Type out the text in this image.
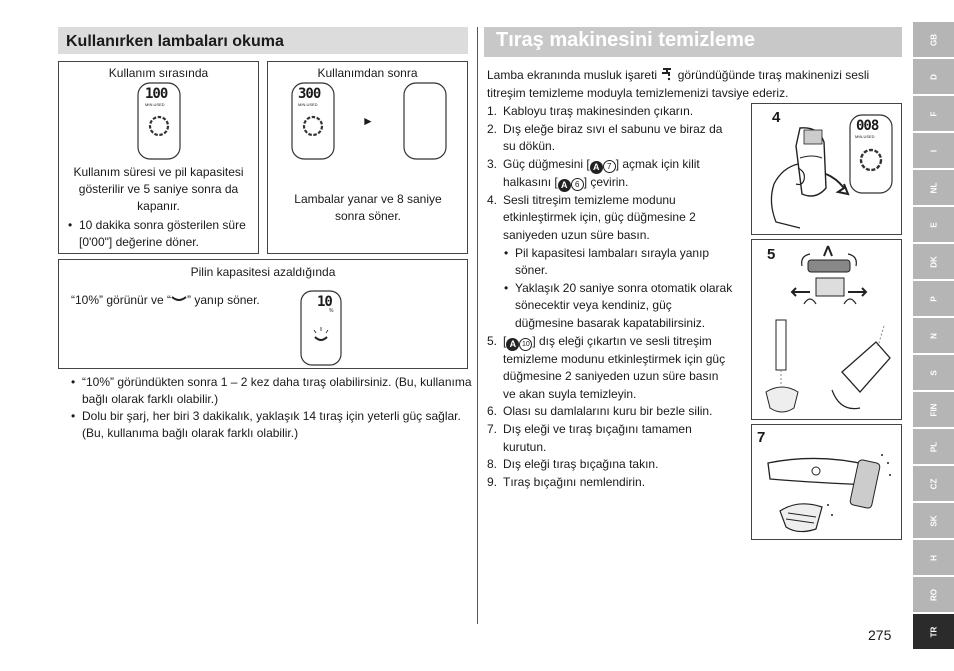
Kullanırken lambaları okuma
Kullanım sırasında
100
MIN.USED
Kullanım süresi ve pil kapasitesi gösterilir ve 5 saniye sonra da kapanır.
• 10 dakika sonra gösterilen süre [0'00"] değerine döner.
Kullanımdan sonra
300
MIN.USED
►
Lambalar yanar ve 8 saniye sonra söner.
Pilin kapasitesi azaldığında
“10%” görünür ve “ ” yanıp söner.	10
%
• “10%” göründükten sonra 1 – 2 kez daha tıraş olabilirsiniz. (Bu, kullanıma bağlı olarak farklı olabilir.)
• Dolu bir şarj, her biri 3 dakikalık, yaklaşık 14 tıraş için yeterli güç sağlar. (Bu, kullanıma bağlı olarak farklı olabilir.)
Tıraş makinesini temizleme
Lamba ekranında musluk işareti  göründüğünde tıraş makinenizi sesli titreşim temizleme moduyla temizlemenizi tavsiye ederiz.
1. Kabloyu tıraş makinesinden çıkarın.
2. Dış eleğe biraz sıvı el sabunu ve biraz da su dökün.
3. Güç düğmesini [ A 7 ] açmak için kilit halkasını [ A 6 ] çevirin.
4. Sesli titreşim temizleme modunu etkinleştirmek için, güç düğmesine 2 saniyeden uzun süre basın.
• Pil kapasitesi lambaları sırayla yanıp söner.
• Yaklaşık 20 saniye sonra otomatik olarak sönecektir veya kendiniz, güç düğmesine basarak kapatabilirsiniz.
5. [ A 10 ] dış eleği çıkartın ve sesli titreşim temizleme modunu etkinleştirmek için güç düğmesine 2 saniyeden uzun süre basın ve akan suyla temizleyin.
6. Olası su damlalarını kuru bir bezle silin.
7. Dış eleği ve tıraş bıçağını tamamen kurutun.
8. Dış eleği tıraş bıçağına takın.
9. Tıraş bıçağını nemlendirin.
4	008
MIN.USED
5
7
275
GB
D
F
I
NL
E
DK
P
N
S
FIN
PL
CZ
SK
H
RO
TR
